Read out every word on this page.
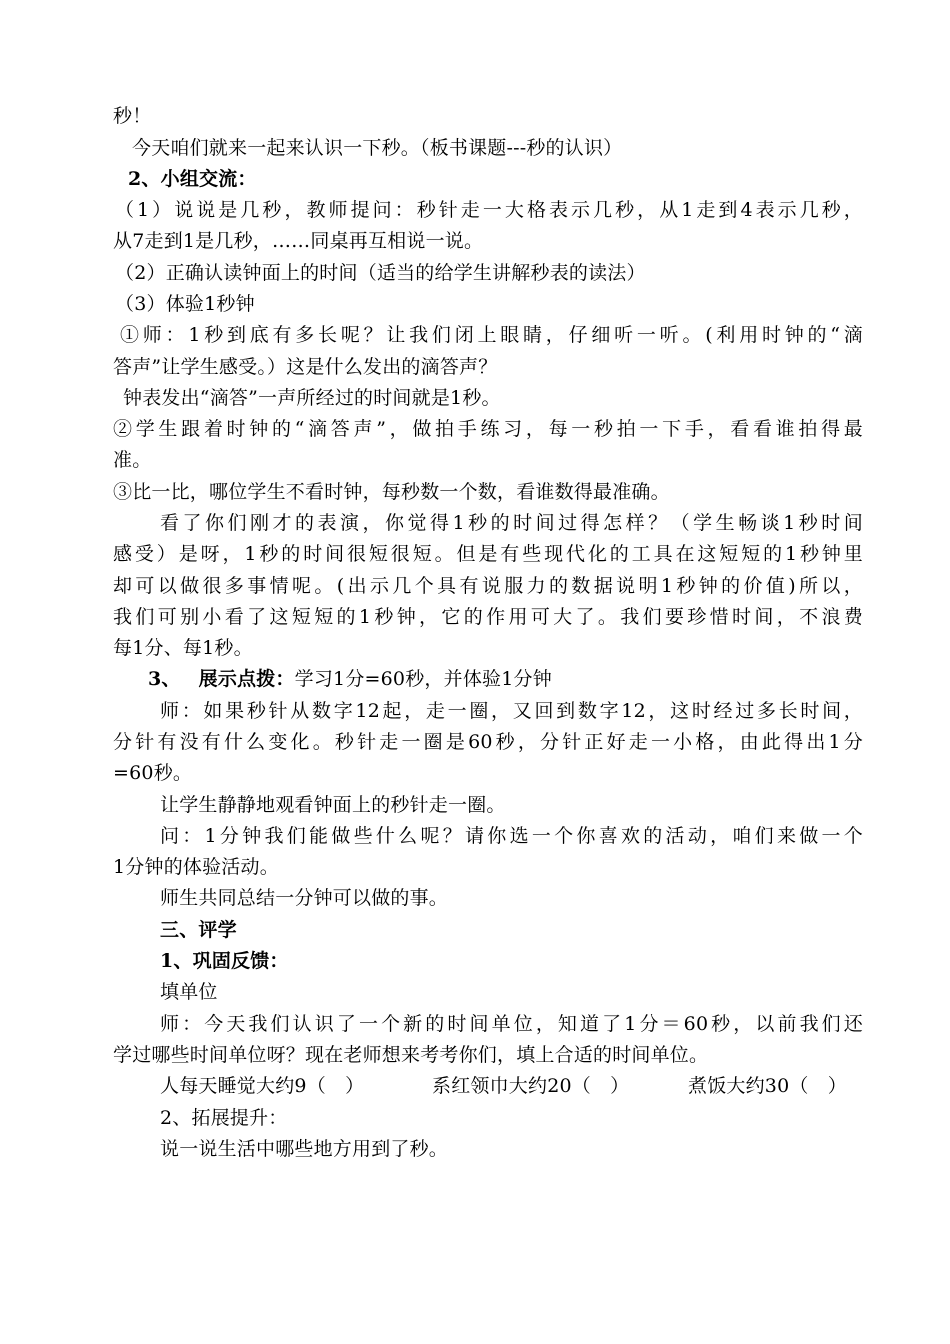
秒！
今天咱们就来一起来认识一下秒。（板书课题---秒的认识）
2、小组交流：
（1）说说是几秒，教师提问：秒针走一大格表示几秒，从1走到4表示几秒，
从7走到1是几秒，……同桌再互相说一说。
（2）正确认读钟面上的时间（适当的给学生讲解秒表的读法）
（3）体验1秒钟
①师：1秒到底有多长呢？让我们闭上眼睛，仔细听一听。(利用时钟的“滴
答声”让学生感受。）这是什么发出的滴答声？
钟表发出“滴答”一声所经过的时间就是1秒。
②学生跟着时钟的“滴答声”，做拍手练习，每一秒拍一下手，看看谁拍得最
准。
③比一比，哪位学生不看时钟，每秒数一个数，看谁数得最准确。
看了你们刚才的表演，你觉得1秒的时间过得怎样？（学生畅谈1秒时间
感受）是呀，1秒的时间很短很短。但是有些现代化的工具在这短短的1秒钟里
却可以做很多事情呢。(出示几个具有说服力的数据说明1秒钟的价值)所以，
我们可别小看了这短短的1秒钟，它的作用可大了。我们要珍惜时间，不浪费
每1分、每1秒。
3、 展示点拨：学习1分=60秒，并体验1分钟
师：如果秒针从数字12起，走一圈，又回到数字12，这时经过多长时间，
分针有没有什么变化。秒针走一圈是60秒，分针正好走一小格，由此得出1分
=60秒。
让学生静静地观看钟面上的秒针走一圈。
问：1分钟我们能做些什么呢？请你选一个你喜欢的活动，咱们来做一个
1分钟的体验活动。
师生共同总结一分钟可以做的事。
三、评学
1、巩固反馈：
填单位
师：今天我们认识了一个新的时间单位，知道了1分＝60秒，以前我们还
学过哪些时间单位呀？现在老师想来考考你们，填上合适的时间单位。
人每天睡觉大约9（　）	系红领巾大约20（　）	煮饭大约30（　）
2、拓展提升：
说一说生活中哪些地方用到了秒。
